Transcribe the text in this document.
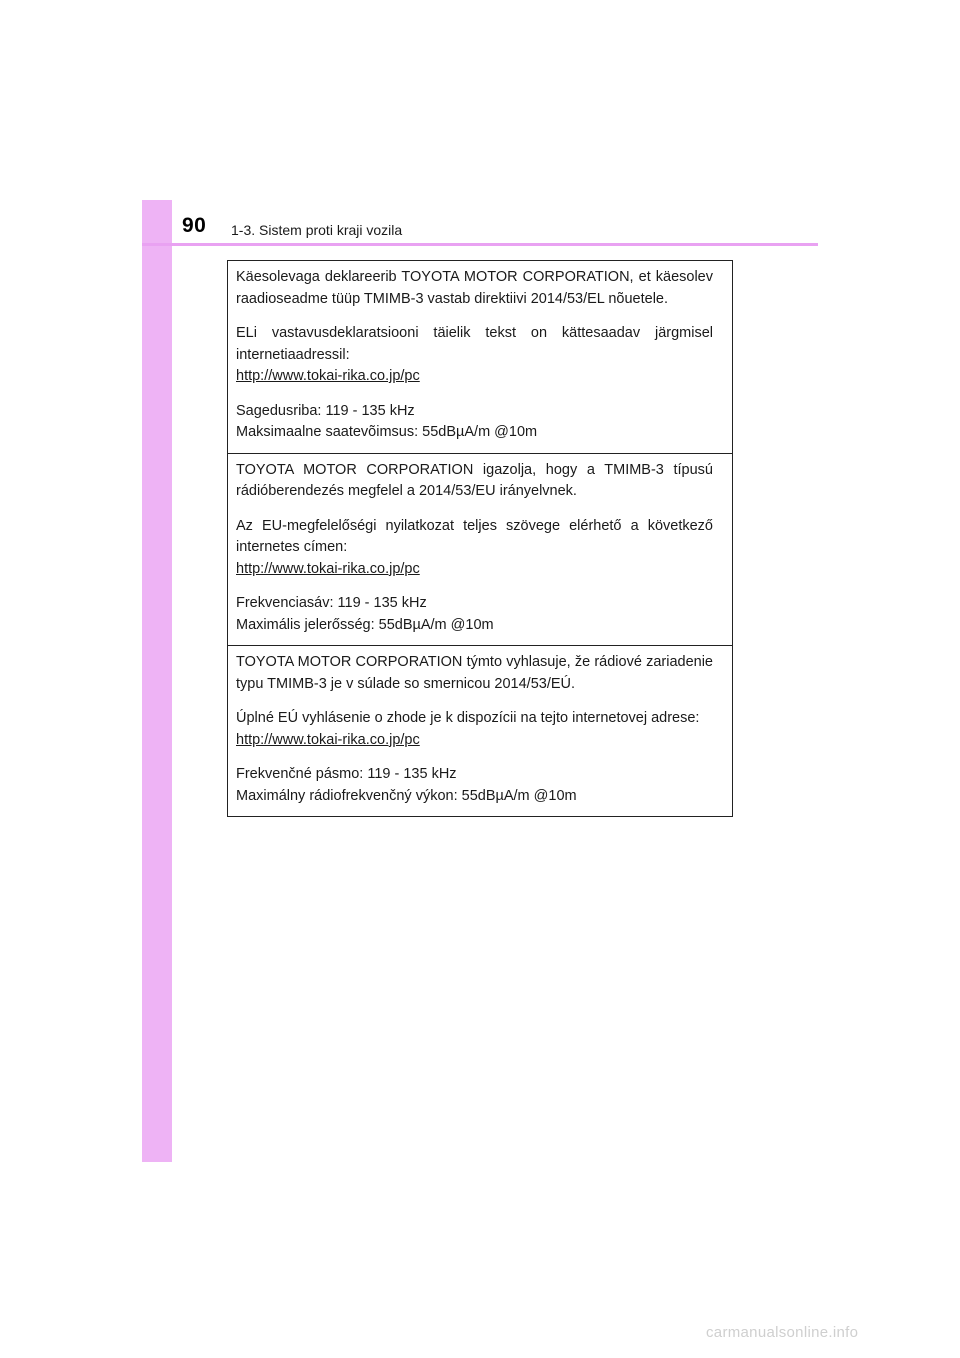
90 1-3. Sistem proti kraji vozila

Käesolevaga deklareerib TOYOTA MOTOR CORPORATION, et käesolev raadioseadme tüüp TMIMB-3 vastab direktiivi 2014/53/EL nõuetele.

ELi vastavusdeklaratsiooni täielik tekst on kättesaadav järgmisel internetiaadressil:

http://www.tokai-rika.co.jp/pc

Sagedusriba: 119 - 135 kHz

Maksimaalne saatevõimsus: 55dBµA/m @10m

TOYOTA MOTOR CORPORATION igazolja, hogy a TMIMB-3 típusú rádióberendezés megfelel a 2014/53/EU irányelvnek.

Az EU-megfelelőségi nyilatkozat teljes szövege elérhető a következő internetes címen:

http://www.tokai-rika.co.jp/pc

Frekvenciasáv: 119 - 135 kHz

Maximális jelerősség: 55dBµA/m @10m

TOYOTA MOTOR CORPORATION týmto vyhlasuje, že rádiové zariadenie typu TMIMB-3 je v súlade so smernicou 2014/53/EÚ.

Úplné EÚ vyhlásenie o zhode je k dispozícii na tejto internetovej adrese:

http://www.tokai-rika.co.jp/pc

Frekvenčné pásmo: 119 - 135 kHz

Maximálny rádiofrekvenčný výkon: 55dBµA/m @10m

carmanualsonline.info
